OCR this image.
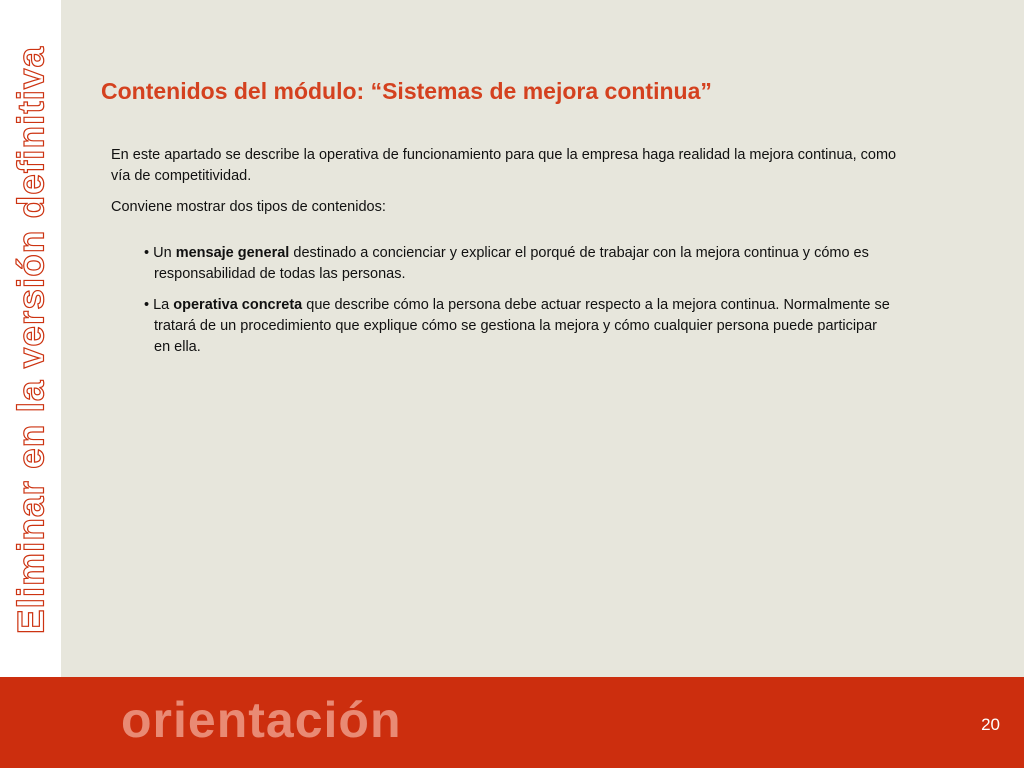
Eliminar en la versión definitiva Contenidos del módulo: “Sistemas de mejora continua”

En este apartado se describe la operativa de funcionamiento para que la empresa haga realidad la mejora continua, como vía de competitividad.

Conviene mostrar dos tipos de contenidos:

• Un mensaje general destinado a concienciar y explicar el porqué de trabajar con la mejora continua y cómo es responsabilidad de todas las personas.

• La operativa concreta que describe cómo la persona debe actuar respecto a la mejora continua. Normalmente se tratará de un procedimiento que explique cómo se gestiona la mejora y cómo cualquier persona puede participar en ella.

orientación	20
